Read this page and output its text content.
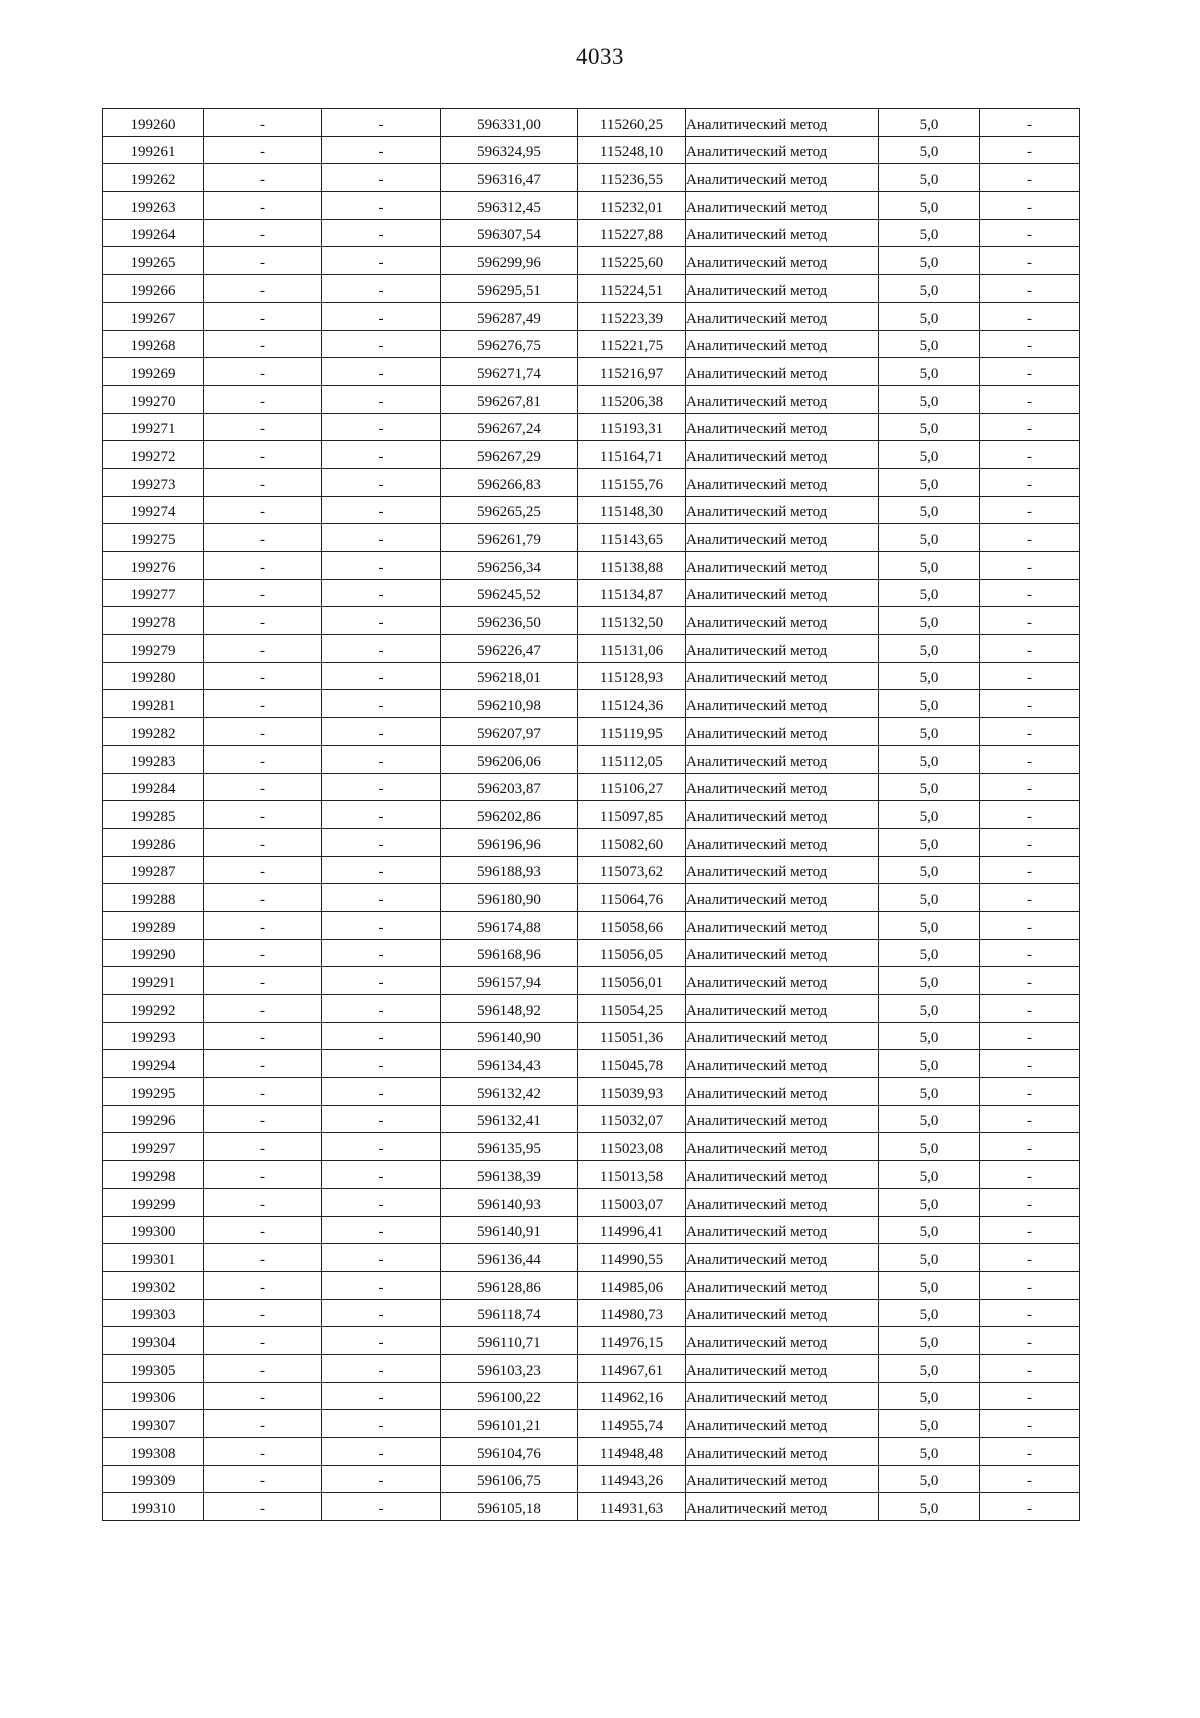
4033
199260	-	-	596331,00	115260,25	Аналитический метод	5,0	-
199261	-	-	596324,95	115248,10	Аналитический метод	5,0	-
199262	-	-	596316,47	115236,55	Аналитический метод	5,0	-
199263	-	-	596312,45	115232,01	Аналитический метод	5,0	-
199264	-	-	596307,54	115227,88	Аналитический метод	5,0	-
199265	-	-	596299,96	115225,60	Аналитический метод	5,0	-
199266	-	-	596295,51	115224,51	Аналитический метод	5,0	-
199267	-	-	596287,49	115223,39	Аналитический метод	5,0	-
199268	-	-	596276,75	115221,75	Аналитический метод	5,0	-
199269	-	-	596271,74	115216,97	Аналитический метод	5,0	-
199270	-	-	596267,81	115206,38	Аналитический метод	5,0	-
199271	-	-	596267,24	115193,31	Аналитический метод	5,0	-
199272	-	-	596267,29	115164,71	Аналитический метод	5,0	-
199273	-	-	596266,83	115155,76	Аналитический метод	5,0	-
199274	-	-	596265,25	115148,30	Аналитический метод	5,0	-
199275	-	-	596261,79	115143,65	Аналитический метод	5,0	-
199276	-	-	596256,34	115138,88	Аналитический метод	5,0	-
199277	-	-	596245,52	115134,87	Аналитический метод	5,0	-
199278	-	-	596236,50	115132,50	Аналитический метод	5,0	-
199279	-	-	596226,47	115131,06	Аналитический метод	5,0	-
199280	-	-	596218,01	115128,93	Аналитический метод	5,0	-
199281	-	-	596210,98	115124,36	Аналитический метод	5,0	-
199282	-	-	596207,97	115119,95	Аналитический метод	5,0	-
199283	-	-	596206,06	115112,05	Аналитический метод	5,0	-
199284	-	-	596203,87	115106,27	Аналитический метод	5,0	-
199285	-	-	596202,86	115097,85	Аналитический метод	5,0	-
199286	-	-	596196,96	115082,60	Аналитический метод	5,0	-
199287	-	-	596188,93	115073,62	Аналитический метод	5,0	-
199288	-	-	596180,90	115064,76	Аналитический метод	5,0	-
199289	-	-	596174,88	115058,66	Аналитический метод	5,0	-
199290	-	-	596168,96	115056,05	Аналитический метод	5,0	-
199291	-	-	596157,94	115056,01	Аналитический метод	5,0	-
199292	-	-	596148,92	115054,25	Аналитический метод	5,0	-
199293	-	-	596140,90	115051,36	Аналитический метод	5,0	-
199294	-	-	596134,43	115045,78	Аналитический метод	5,0	-
199295	-	-	596132,42	115039,93	Аналитический метод	5,0	-
199296	-	-	596132,41	115032,07	Аналитический метод	5,0	-
199297	-	-	596135,95	115023,08	Аналитический метод	5,0	-
199298	-	-	596138,39	115013,58	Аналитический метод	5,0	-
199299	-	-	596140,93	115003,07	Аналитический метод	5,0	-
199300	-	-	596140,91	114996,41	Аналитический метод	5,0	-
199301	-	-	596136,44	114990,55	Аналитический метод	5,0	-
199302	-	-	596128,86	114985,06	Аналитический метод	5,0	-
199303	-	-	596118,74	114980,73	Аналитический метод	5,0	-
199304	-	-	596110,71	114976,15	Аналитический метод	5,0	-
199305	-	-	596103,23	114967,61	Аналитический метод	5,0	-
199306	-	-	596100,22	114962,16	Аналитический метод	5,0	-
199307	-	-	596101,21	114955,74	Аналитический метод	5,0	-
199308	-	-	596104,76	114948,48	Аналитический метод	5,0	-
199309	-	-	596106,75	114943,26	Аналитический метод	5,0	-
199310	-	-	596105,18	114931,63	Аналитический метод	5,0	-
